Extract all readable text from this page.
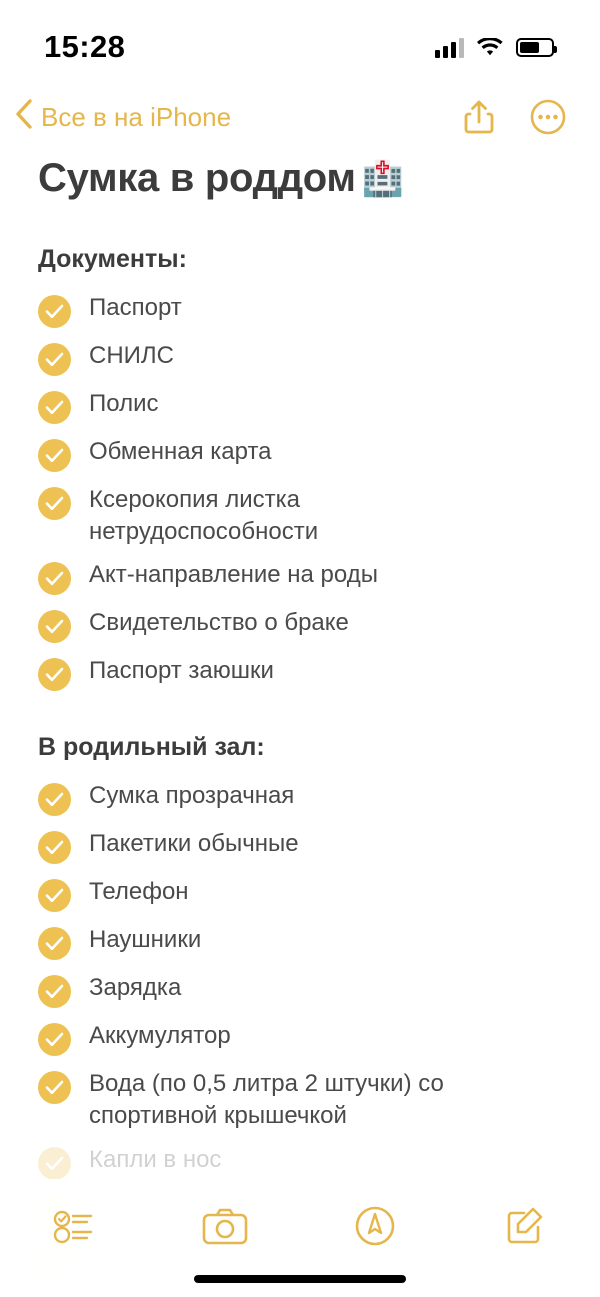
15:28
Все в на iPhone
Сумка в роддом 🏥
Документы:
Паспорт
СНИЛС
Полис
Обменная карта
Ксерокопия листка нетрудоспособности
Акт-направление на роды
Свидетельство о браке
Паспорт заюшки
В родильный зал:
Сумка прозрачная
Пакетики обычные
Телефон
Наушники
Зарядка
Аккумулятор
Вода (по 0,5 литра 2 штучки) со спортивной крышечкой
Капли в нос
